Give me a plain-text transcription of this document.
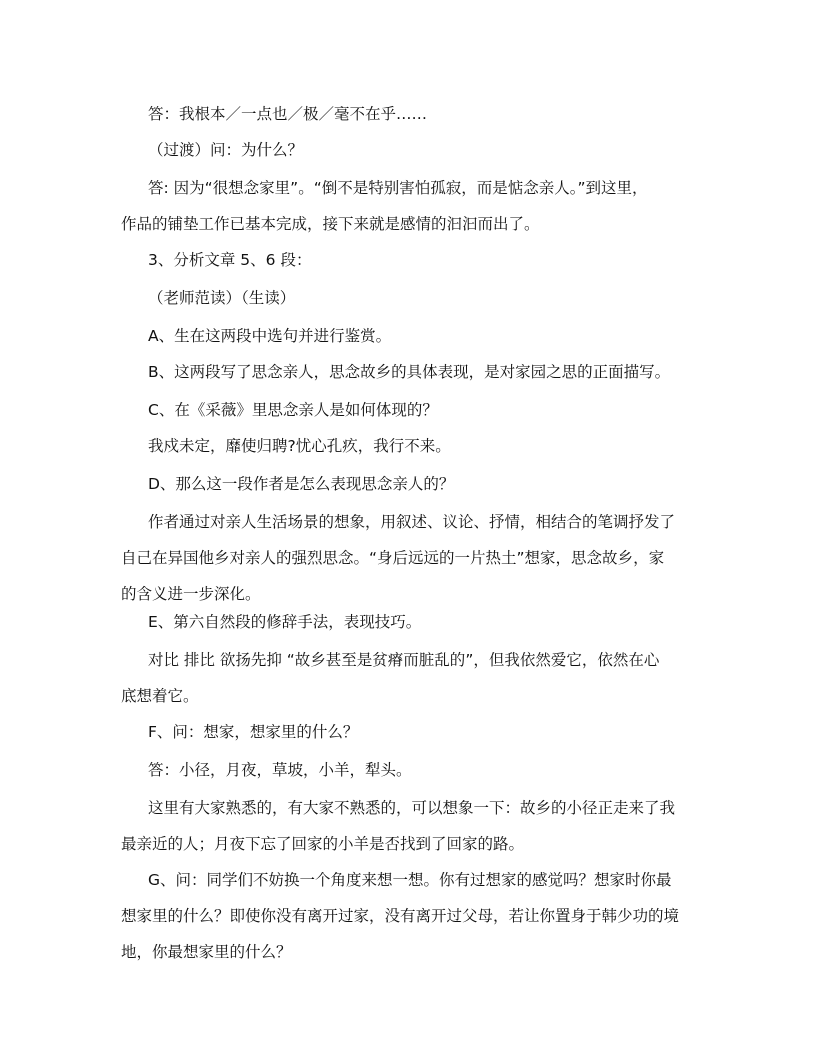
答：我根本／一点也／极／毫不在乎……
（过渡）问：为什么？
答: 因为“很想念家里”。“倒不是特别害怕孤寂，而是惦念亲人。”到这里，
作品的铺垫工作已基本完成，接下来就是感情的汩汩而出了。
3、分析文章 5、6 段：
（老师范读）（生读）
A、生在这两段中选句并进行鉴赏。
B、这两段写了思念亲人，思念故乡的具体表现，是对家园之思的正面描写。
C、在《采薇》里思念亲人是如何体现的？
我戍未定，靡使归聘?忧心孔疚，我行不来。
D、那么这一段作者是怎么表现思念亲人的？
作者通过对亲人生活场景的想象，用叙述、议论、抒情，相结合的笔调抒发了
自己在异国他乡对亲人的强烈思念。“身后远远的一片热土”想家，思念故乡，家
的含义进一步深化。
E、第六自然段的修辞手法，表现技巧。
对比 排比 欲扬先抑 “故乡甚至是贫瘠而脏乱的”，但我依然爱它，依然在心
底想着它。
F、问：想家，想家里的什么？
答：小径，月夜，草坡，小羊，犁头。
这里有大家熟悉的，有大家不熟悉的，可以想象一下：故乡的小径正走来了我
最亲近的人；月夜下忘了回家的小羊是否找到了回家的路。
G、问：同学们不妨换一个角度来想一想。你有过想家的感觉吗？想家时你最
想家里的什么？即使你没有离开过家，没有离开过父母，若让你置身于韩少功的境
地，你最想家里的什么？
